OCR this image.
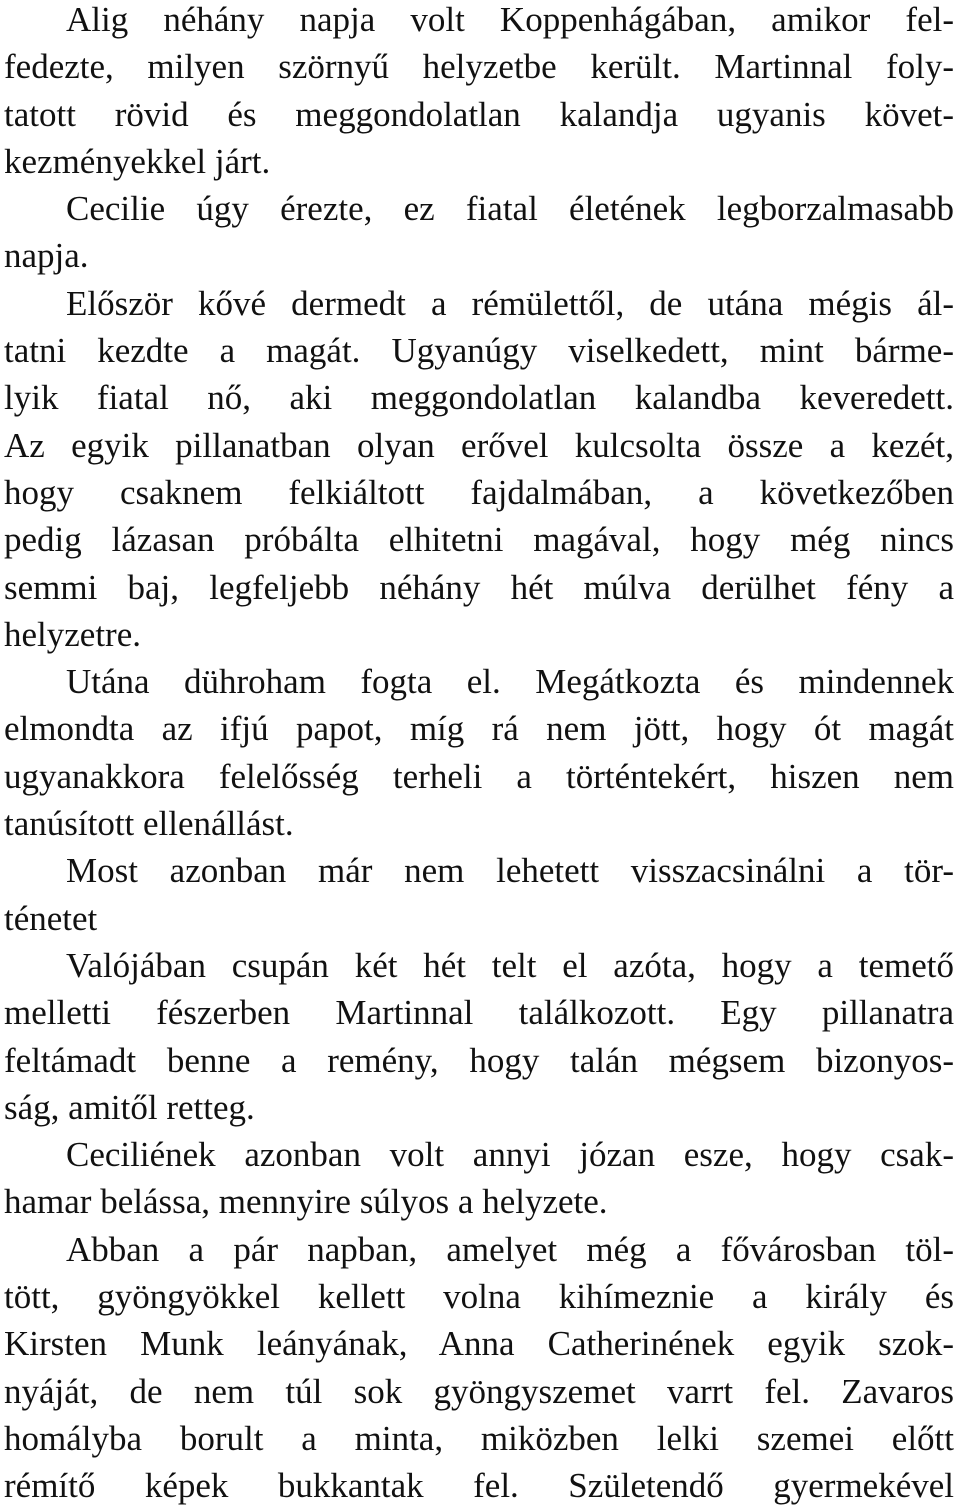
Alig néhány napja volt Koppenhágában, amikor fel-
fedezte, milyen szörnyű helyzetbe került. Martinnal foly-
tatott rövid és meggondolatlan kalandja ugyanis követ-
kezményekkel járt.
Cecilie úgy érezte, ez fiatal életének legborzalmasabb
napja.
Először kővé dermedt a rémülettől, de utána mégis ál-
tatni kezdte a magát. Ugyanúgy viselkedett, mint bárme-
lyik fiatal nő, aki meggondolatlan kalandba keveredett.
Az egyik pillanatban olyan erővel kulcsolta össze a kezét,
hogy csaknem felkiáltott fajdalmában, a következőben
pedig lázasan próbálta elhitetni magával, hogy még nincs
semmi baj, legfeljebb néhány hét múlva derülhet fény a
helyzetre.
Utána dühroham fogta el. Megátkozta és mindennek
elmondta az ifjú papot, míg rá nem jött, hogy ót magát
ugyanakkora felelősség terheli a történtekért, hiszen nem
tanúsított ellenállást.
Most azonban már nem lehetett visszacsinálni a tör-
ténetet
Valójában csupán két hét telt el azóta, hogy a temető
melletti fészerben Martinnal találkozott. Egy pillanatra
feltámadt benne a remény, hogy talán mégsem bizonyos-
ság, amitől retteg.
Ceciliének azonban volt annyi józan esze, hogy csak-
hamar belássa, mennyire súlyos a helyzete.
Abban a pár napban, amelyet még a fővárosban töl-
tött, gyöngyökkel kellett volna kihímeznie a király és
Kirsten Munk leányának, Anna Catherinének egyik szok-
nyáját, de nem túl sok gyöngyszemet varrt fel. Zavaros
homályba borult a minta, miközben lelki szemei előtt
rémítő képek bukkantak fel. Születendő gyermekével
